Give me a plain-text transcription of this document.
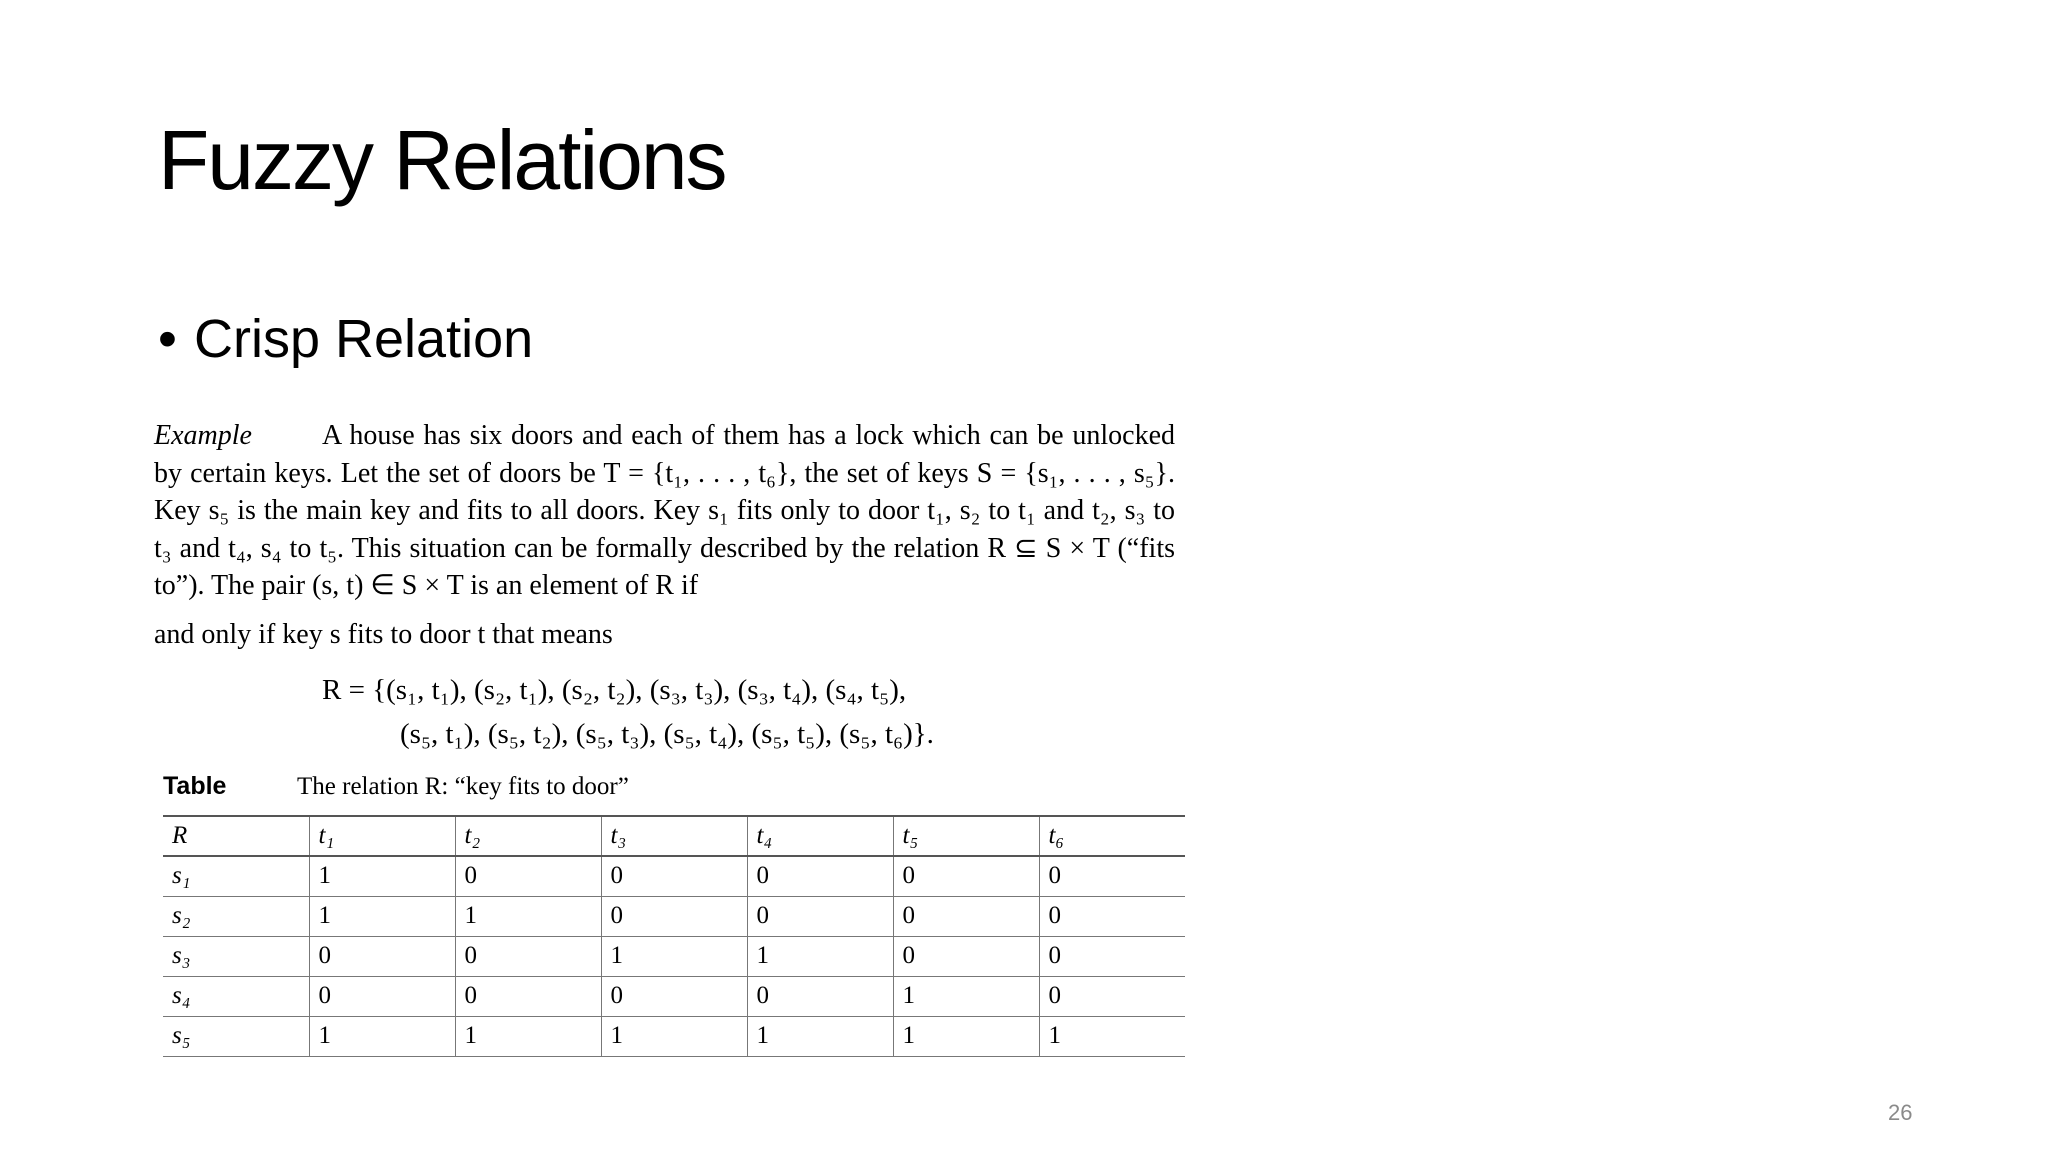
Fuzzy Relations
• Crisp Relation

Example	A house has six doors and each of them has a lock which can be unlocked by certain keys. Let the set of doors be T = {t₁, . . . , t₆}, the set of keys S = {s₁, . . . , s₅}. Key s₅ is the main key and fits to all doors. Key s₁ fits only to door t₁, s₂ to t₁ and t₂, s₃ to t₃ and t₄, s₄ to t₅. This situation can be formally described by the relation R ⊆ S × T (“fits to”). The pair (s, t) ∈ S × T is an element of R if

and only if key s fits to door t that means

R = {(s₁, t₁), (s₂, t₁), (s₂, t₂), (s₃, t₃), (s₃, t₄), (s₄, t₅),
(s₅, t₁), (s₅, t₂), (s₅, t₃), (s₅, t₄), (s₅, t₅), (s₅, t₆)}.
Table	The relation R: “key fits to door”
R	t₁	t₂	t₃	t₄	t₅	t₆
s₁	1	0	0	0	0	0
s₂	1	1	0	0	0	0
s₃	0	0	1	1	0	0
s₄	0	0	0	0	1	0
s₅	1	1	1	1	1	1
26
